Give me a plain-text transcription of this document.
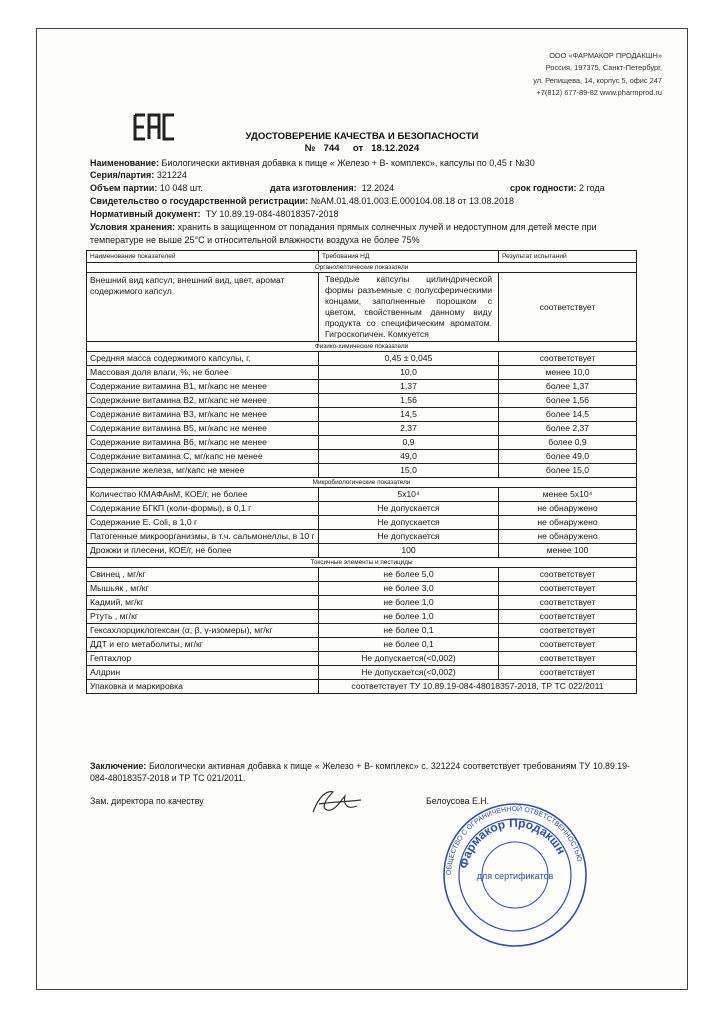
ООО «ФАРМАКОР ПРОДАКШН»
Россия, 197375, Санкт-Петербург,
ул. Репищева, 14, корпус 5, офис 247
+7(812) 677-89-82 www.pharmprod.ru
УДОСТОВЕРЕНИЕ КАЧЕСТВА И БЕЗОПАСНОСТИ
№ 744 от 18.12.2024
Наименование: Биологически активная добавка к пище « Железо + В- комплекс», капсулы по 0,45 г №30
Серия/партия: 321224
Объем партии: 10 048 шт.	дата изготовления: 12.2024	срок годности: 2 года
Свидетельство о государственной регистрации: №AM.01.48.01.003.E.000104.08.18 от 13.08.2018
Нормативный документ: ТУ 10.89.19-084-48018357-2018
Условия хранения: хранить в защищенном от попадания прямых солнечных лучей и недоступном для детей месте при температуре не выше 25°С и относительной влажности воздуха не более 75%
Наименование показателей	Требования НД	Результат испытаний
Органолептические показатели		
Внешний вид капсул; внешний вид, цвет, аромат содержимого капсул	Твердые капсулы цилиндрической формы разъемные с полусферическими концами, заполненные порошком с цветом, свойственным данному виду продукта со специфическим ароматом. Гигроскопичен. Комкуется	соответствует
Физико-химические показатели		
Средняя масса содержимого капсулы, г.	0,45 ± 0,045	соответствует
Массовая доля влаги, %, не более	10,0	менее 10,0
Содержание витамина В1, мг/капс не менее	1,37	более 1,37
Содержание витамина В2, мг/капс не менее	1,56	более 1,56
Содержание витамина В3, мг/капс не менее	14,5	более 14,5
Содержание витамина В5, мг/капс не менее	2,37	более 2,37
Содержание витамина В6, мг/капс не менее	0,9	более 0,9
Содержание витамина С, мг/капс не менее	49,0	более 49,0
Содержание железа, мг/капс не менее	15,0	более 15,0
Микробиологические показатели		
Количество КМАФАнМ, КОЕ/г, не более	5х10⁴	менее 5х10⁴
Содержание БГКП (коли-формы), в 0,1 г	Не допускается	не обнаружено
Содержание E. Coli, в 1,0 г	Не допускается	не обнаружено
Патогенные микроорганизмы, в т.ч. сальмонеллы, в 10 г	Не допускается	не обнаружено
Дрожжи и плесени, КОЕ/г, не более	100	менее 100
Токсичные элементы и пестициды		
Свинец , мг/кг	не более 5,0	соответствует
Мышьяк , мг/кг	не более 3,0	соответствует
Кадмий, мг/кг	не более 1,0	соответствует
Ртуть , мг/кг	не более 1,0	соответствует
Гексахлорциклогексан (α, β, γ-изомеры), мг/кг	не более 0,1	соответствует
ДДТ и его метаболиты, мг/кг	не более 0,1	соответствует
Гептахлор	Не допускается(<0,002)	соответствует
Алдрин	Не допускается(<0,002)	соответствует
Упаковка и маркировка	соответствует ТУ 10.89.19-084-48018357-2018, ТР ТС 022/2011	
Заключение: Биологически активная добавка к пище « Железо + В- комплекс» с. 321224 соответствует требованиям ТУ 10.89.19-084-48018357-2018 и ТР ТС 021/2011.
Зам. директора по качеству	Белоусова Е.Н.
ОБЩЕСТВО С ОГРАНИЧЕННОЙ ОТВЕТСТВЕННОСТЬЮ
Фармакор Продакшн
для сертификатов
